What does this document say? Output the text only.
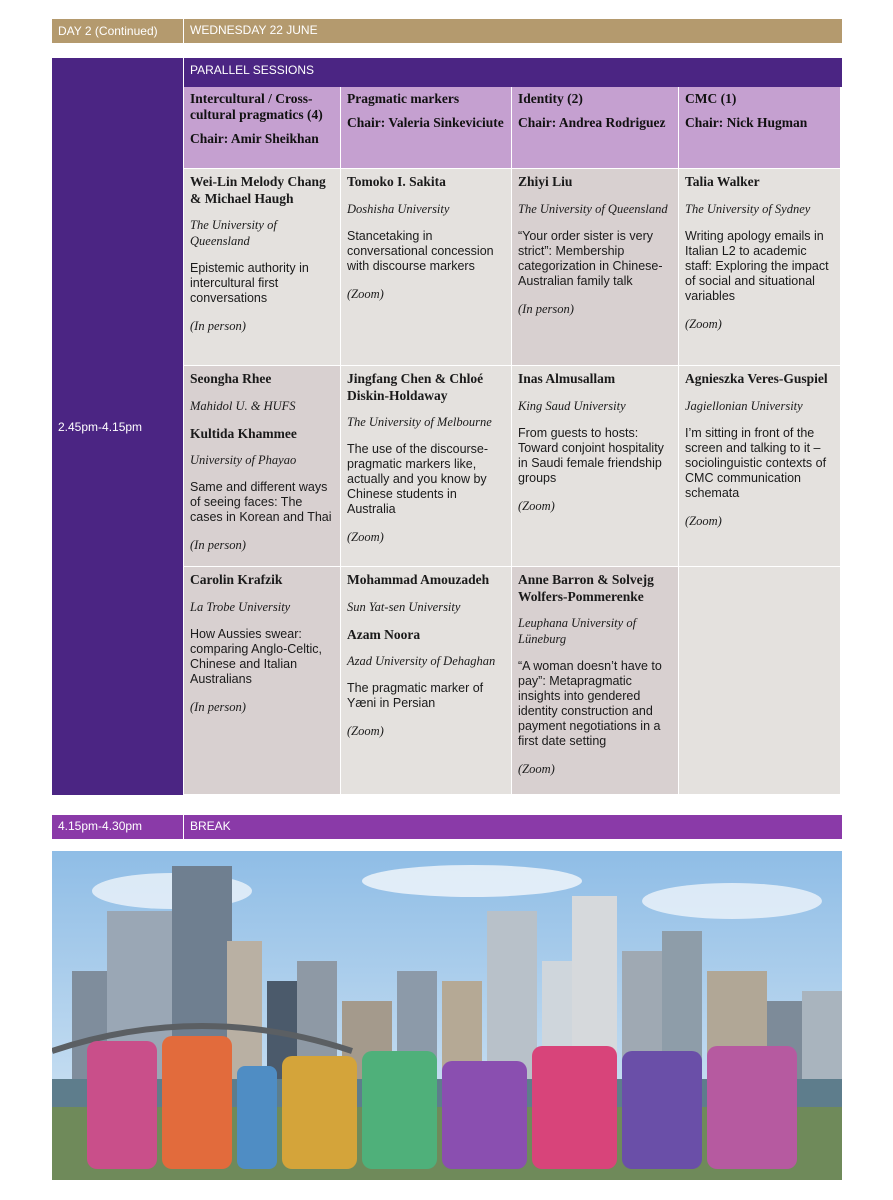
DAY 2 (Continued)	WEDNESDAY 22 JUNE
2.45pm-4.15pm
PARALLEL SESSIONS
Intercultural / Cross-cultural pragmatics (4)
Chair: Amir Sheikhan
Pragmatic markers
Chair: Valeria Sinkeviciute
Identity (2)
Chair: Andrea Rodriguez
CMC (1)
Chair: Nick Hugman
Wei-Lin Melody Chang & Michael Haugh
The University of Queensland
Epistemic authority in intercultural first conversations
(In person)
Tomoko I. Sakita
Doshisha University
Stancetaking in conversational concession with discourse markers
(Zoom)
Zhiyi Liu
The University of Queensland
“Your order sister is very strict”: Membership categorization in Chinese-Australian family talk
(In person)
Talia Walker
The University of Sydney
Writing apology emails in Italian L2 to academic staff: Exploring the impact of social and situational variables
(Zoom)
Seongha Rhee
Mahidol U. & HUFS
Kultida Khammee
University of Phayao
Same and different ways of seeing faces: The cases in Korean and Thai
(In person)
Jingfang Chen & Chloé Diskin-Holdaway
The University of Melbourne
The use of the discourse-pragmatic markers like, actually and you know by Chinese students in Australia
(Zoom)
Inas Almusallam
King Saud University
From guests to hosts: Toward conjoint hospitality in Saudi female friendship groups
(Zoom)
Agnieszka Veres-Guspiel
Jagiellonian University
I’m sitting in front of the screen and talking to it – sociolinguistic contexts of CMC communication schemata
(Zoom)
Carolin Krafzik
La Trobe University
How Aussies swear: comparing Anglo-Celtic, Chinese and Italian Australians
(In person)
Mohammad Amouzadeh
Sun Yat-sen University
Azam Noora
Azad University of Dehaghan
The pragmatic marker of Yæni in Persian
(Zoom)
Anne Barron & Solvejg Wolfers-Pommerenke
Leuphana University of Lüneburg
“A woman doesn’t have to pay”: Metapragmatic insights into gendered identity construction and payment negotiations in a first date setting
(Zoom)
4.15pm-4.30pm	BREAK
